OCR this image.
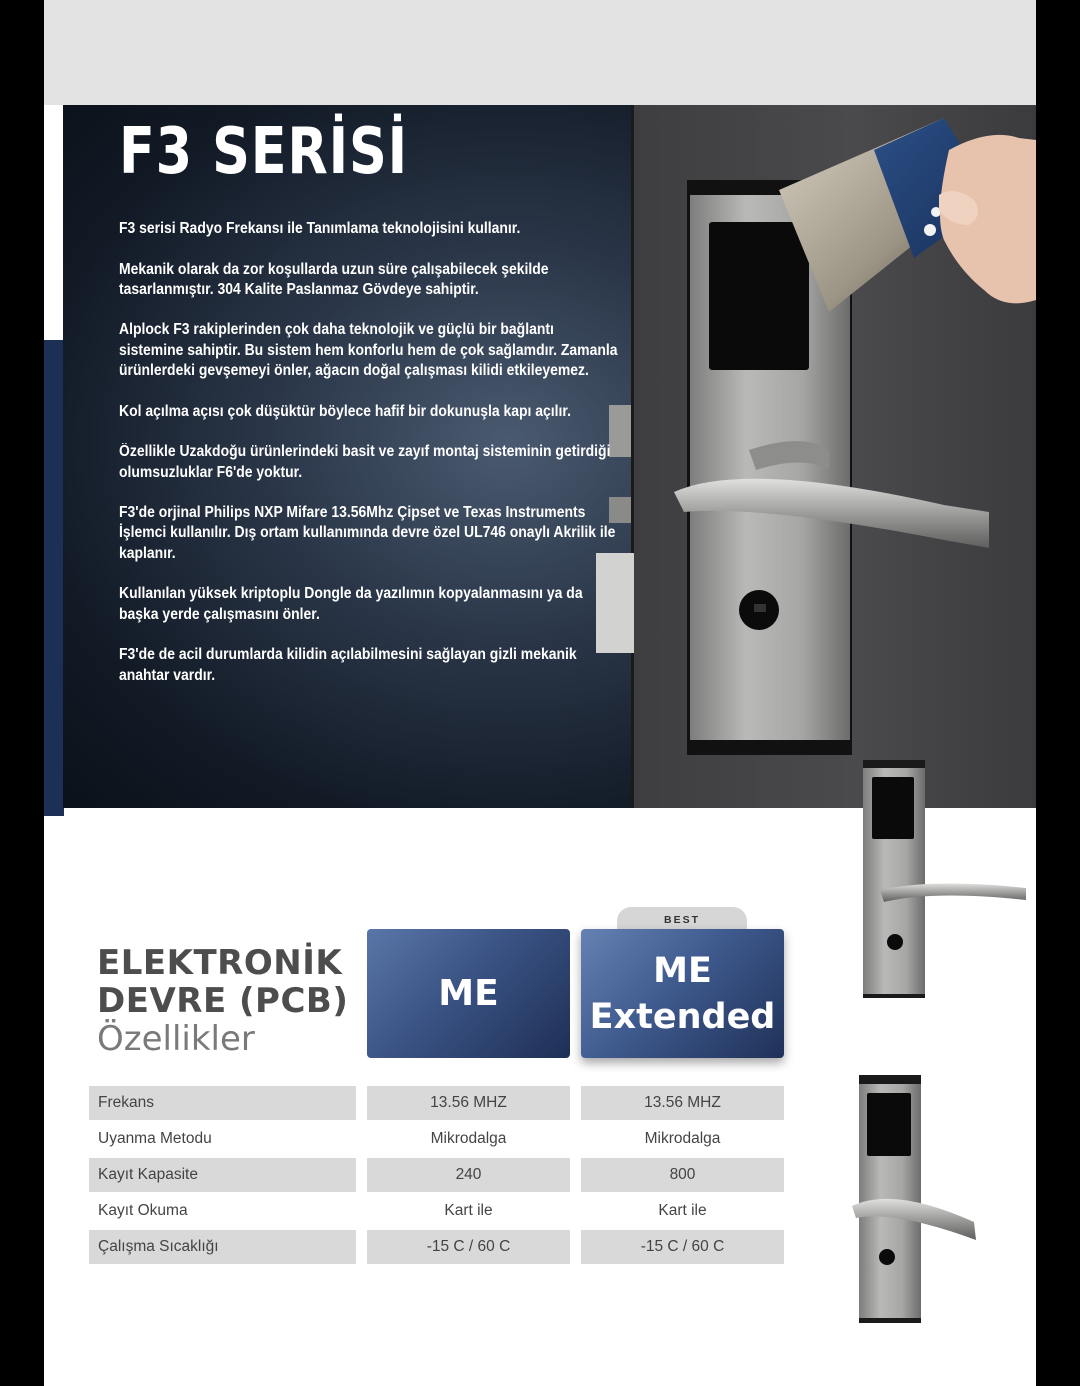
F3 SERİSİ

F3 serisi Radyo Frekansı ile Tanımlama teknolojisini kullanır.

Mekanik olarak da zor koşullarda uzun süre çalışabilecek şekilde tasarlanmıştır. 304 Kalite Paslanmaz Gövdeye sahiptir.

Alplock F3 rakiplerinden çok daha teknolojik ve güçlü bir bağlantı sistemine sahiptir. Bu sistem hem konforlu hem de çok sağlamdır. Zamanla ürünlerdeki gevşemeyi önler, ağacın doğal çalışması kilidi etkileyemez.

Kol açılma açısı çok düşüktür böylece hafif bir dokunuşla kapı açılır.

Özellikle Uzakdoğu ürünlerindeki basit ve zayıf montaj sisteminin getirdiği olumsuzluklar F6'de yoktur.

F3'de orjinal Philips NXP Mifare 13.56Mhz Çipset ve Texas Instruments İşlemci kullanılır. Dış ortam kullanımında devre özel UL746 onaylı Akrilik ile kaplanır.

Kullanılan yüksek kriptoplu Dongle da yazılımın kopyalanmasını ya da başka yerde çalışmasını önler.

F3'de de acil durumlarda kilidin açılabilmesini sağlayan gizli mekanik anahtar vardır.

ELEKTRONİK
DEVRE (PCB)
Özellikler
BEST
ME
ME
Extended
Frekans	13.56 MHZ	13.56 MHZ
Uyanma Metodu	Mikrodalga	Mikrodalga
Kayıt Kapasite	240	800
Kayıt Okuma	Kart ile	Kart ile
Çalışma Sıcaklığı	-15 C / 60 C	-15 C / 60 C
